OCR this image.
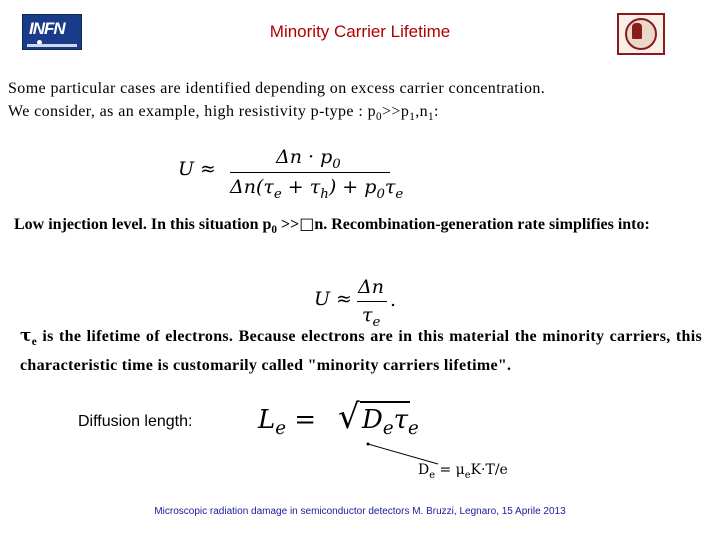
INFN	Minority Carrier Lifetime
Some particular cases are identified depending on excess carrier concentration.
We consider, as an example, high resistivity p-type : $p_0>>p_1,n_1$:
U ≈
$\Delta n \cdot p_0$
$\Delta n(\tau_e + \tau_h) + p_0\tau_e$
Low injection level. In this situation $p_0$ >>□n. Recombination-generation rate simplifies into:
U ≈
Δn
$\tau_e$
.
$\tau_e$ is the lifetime of electrons. Because electrons are in this material the minority carriers, this characteristic time is customarily called "minority carriers lifetime".
Diffusion length:	$L_e$ = √ $D_e\tau_e$
$D_e = \mu_eK\cdot T/e$
Microscopic radiation damage in semiconductor detectors M. Bruzzi, Legnaro, 15 Aprile 2013
